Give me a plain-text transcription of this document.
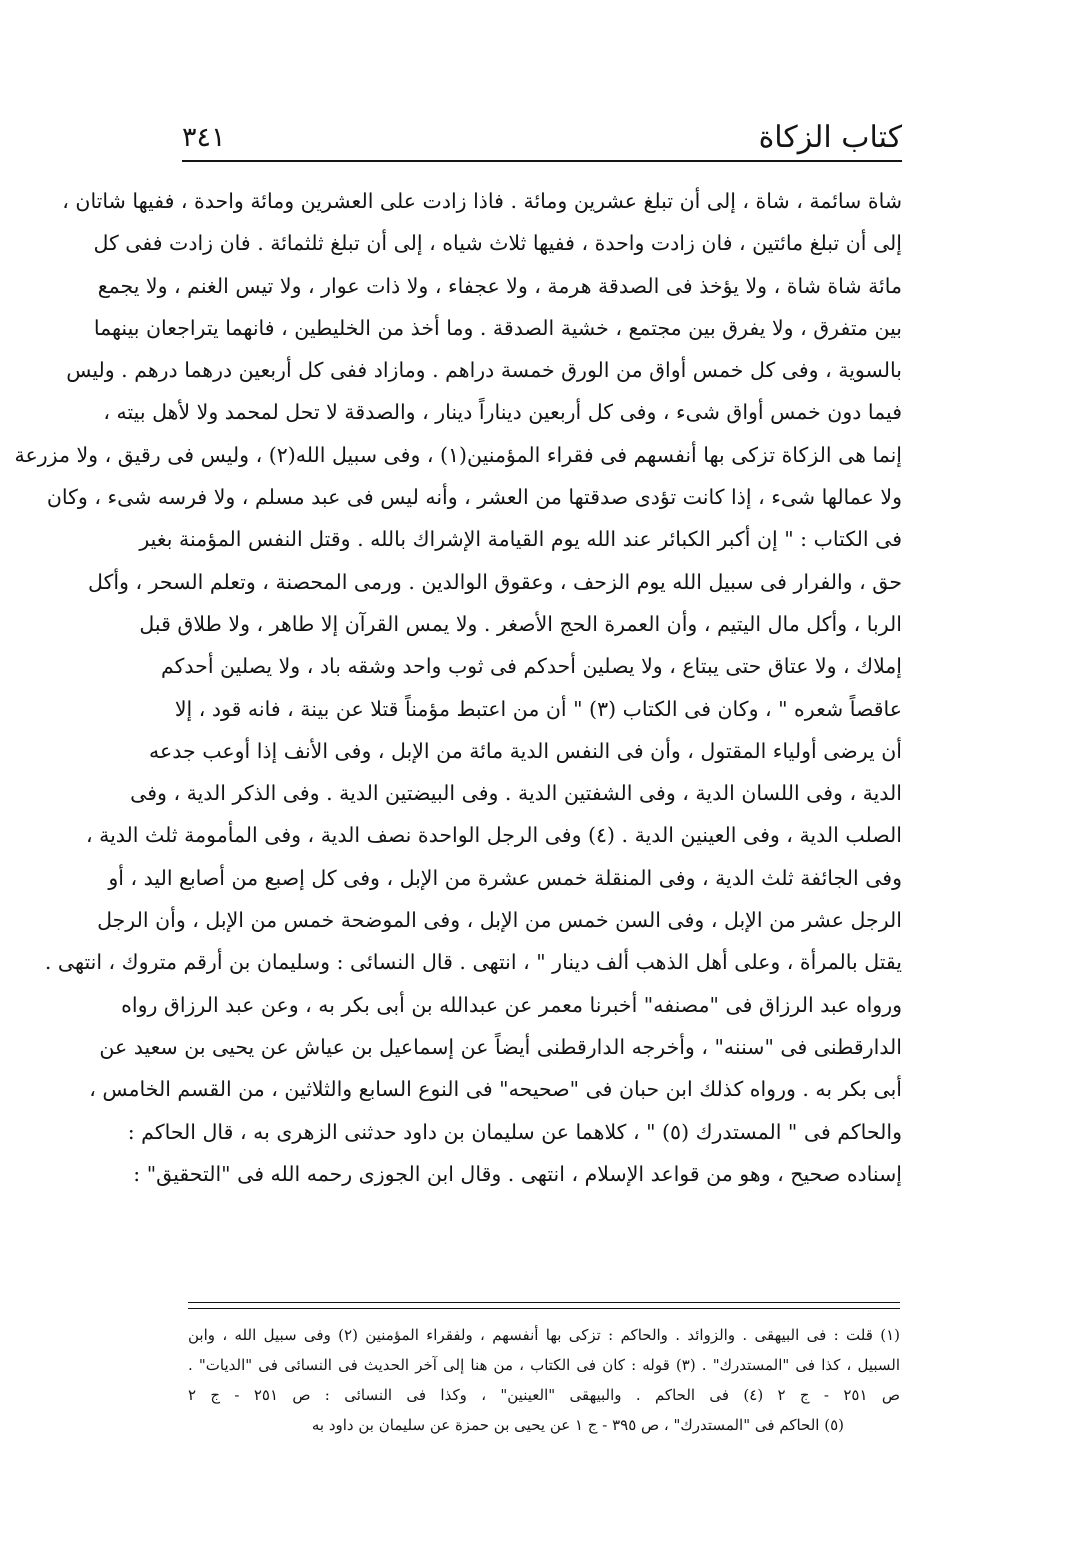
كتاب الزكاة
٣٤١
شاة سائمة ، شاة ، إلى أن تبلغ عشرين ومائة . فاذا زادت على العشرين ومائة واحدة ، ففيها شاتان ،
إلى أن تبلغ مائتين ، فان زادت واحدة ، ففيها ثلاث شياه ، إلى أن تبلغ ثلثمائة . فان زادت ففى كل
مائة شاة شاة ، ولا يؤخذ فى الصدقة هرمة ، ولا عجفاء ، ولا ذات عوار ، ولا تيس الغنم ، ولا يجمع
بين متفرق ، ولا يفرق بين مجتمع ، خشية الصدقة . وما أخذ من الخليطين ، فانهما يتراجعان بينهما
بالسوية ، وفى كل خمس أواق من الورق خمسة دراهم . ومازاد ففى كل أربعين درهما درهم . وليس
فيما دون خمس أواق شىء ، وفى كل أربعين ديناراً دينار ، والصدقة لا تحل لمحمد ولا لأهل بيته ،
إنما هى الزكاة تزكى بها أنفسهم فى فقراء المؤمنين(١) ، وفى سبيل الله(٢) ، وليس فى رقيق ، ولا مزرعة
ولا عمالها شىء ، إذا كانت تؤدى صدقتها من العشر ، وأنه ليس فى عبد مسلم ، ولا فرسه شىء ، وكان
فى الكتاب : " إن أكبر الكبائر عند الله يوم القيامة الإشراك بالله . وقتل النفس المؤمنة بغير
حق ، والفرار فى سبيل الله يوم الزحف ، وعقوق الوالدين . ورمى المحصنة ، وتعلم السحر ، وأكل
الربا ، وأكل مال اليتيم ، وأن العمرة الحج الأصغر . ولا يمس القرآن إلا طاهر ، ولا طلاق قبل
إملاك ، ولا عتاق حتى يبتاع ، ولا يصلين أحدكم فى ثوب واحد وشقه باد ، ولا يصلين أحدكم
عاقصاً شعره " ، وكان فى الكتاب (٣) " أن من اعتبط مؤمناً قتلا عن بينة ، فانه قود ، إلا
أن يرضى أولياء المقتول ، وأن فى النفس الدية مائة من الإبل ، وفى الأنف إذا أوعب جدعه
الدية ، وفى اللسان الدية ، وفى الشفتين الدية . وفى البيضتين الدية . وفى الذكر الدية ، وفى
الصلب الدية ، وفى العينين الدية . (٤) وفى الرجل الواحدة نصف الدية ، وفى المأمومة ثلث الدية ،
وفى الجائفة ثلث الدية ، وفى المنقلة خمس عشرة من الإبل ، وفى كل إصبع من أصابع اليد ، أو
الرجل عشر من الإبل ، وفى السن خمس من الإبل ، وفى الموضحة خمس من الإبل ، وأن الرجل
يقتل بالمرأة ، وعلى أهل الذهب ألف دينار " ، انتهى . قال النسائى : وسليمان بن أرقم متروك ، انتهى .
ورواه عبد الرزاق فى "مصنفه" أخبرنا معمر عن عبدالله بن أبى بكر به ، وعن عبد الرزاق رواه
الدارقطنى فى "سننه" ، وأخرجه الدارقطنى أيضاً عن إسماعيل بن عياش عن يحيى بن سعيد عن
أبى بكر به . ورواه كذلك ابن حبان فى "صحيحه" فى النوع السابع والثلاثين ، من القسم الخامس ،
والحاكم فى " المستدرك (٥) " ، كلاهما عن سليمان بن داود حدثنى الزهرى به ، قال الحاكم :
إسناده صحيح ، وهو من قواعد الإسلام ، انتهى . وقال ابن الجوزى رحمه الله فى "التحقيق" :
(١) قلت : فى البيهقى . والزوائد . والحاكم : تزكى بها أنفسهم ، ولفقراء المؤمنين (٢) وفى سبيل الله ، وابن
السبيل ، كذا فى "المستدرك" . (٣) قوله : كان فى الكتاب ، من هنا إلى آخر الحديث فى النسائى فى "الديات" .
ص ٢٥١ - ج ٢ (٤) فى الحاكم . والبيهقى "العينين" ، وكذا فى النسائى : ص ٢٥١ - ج ٢
(٥) الحاكم فى "المستدرك" ، ص ٣٩٥ - ج ١ عن يحيى بن حمزة عن سليمان بن داود به
